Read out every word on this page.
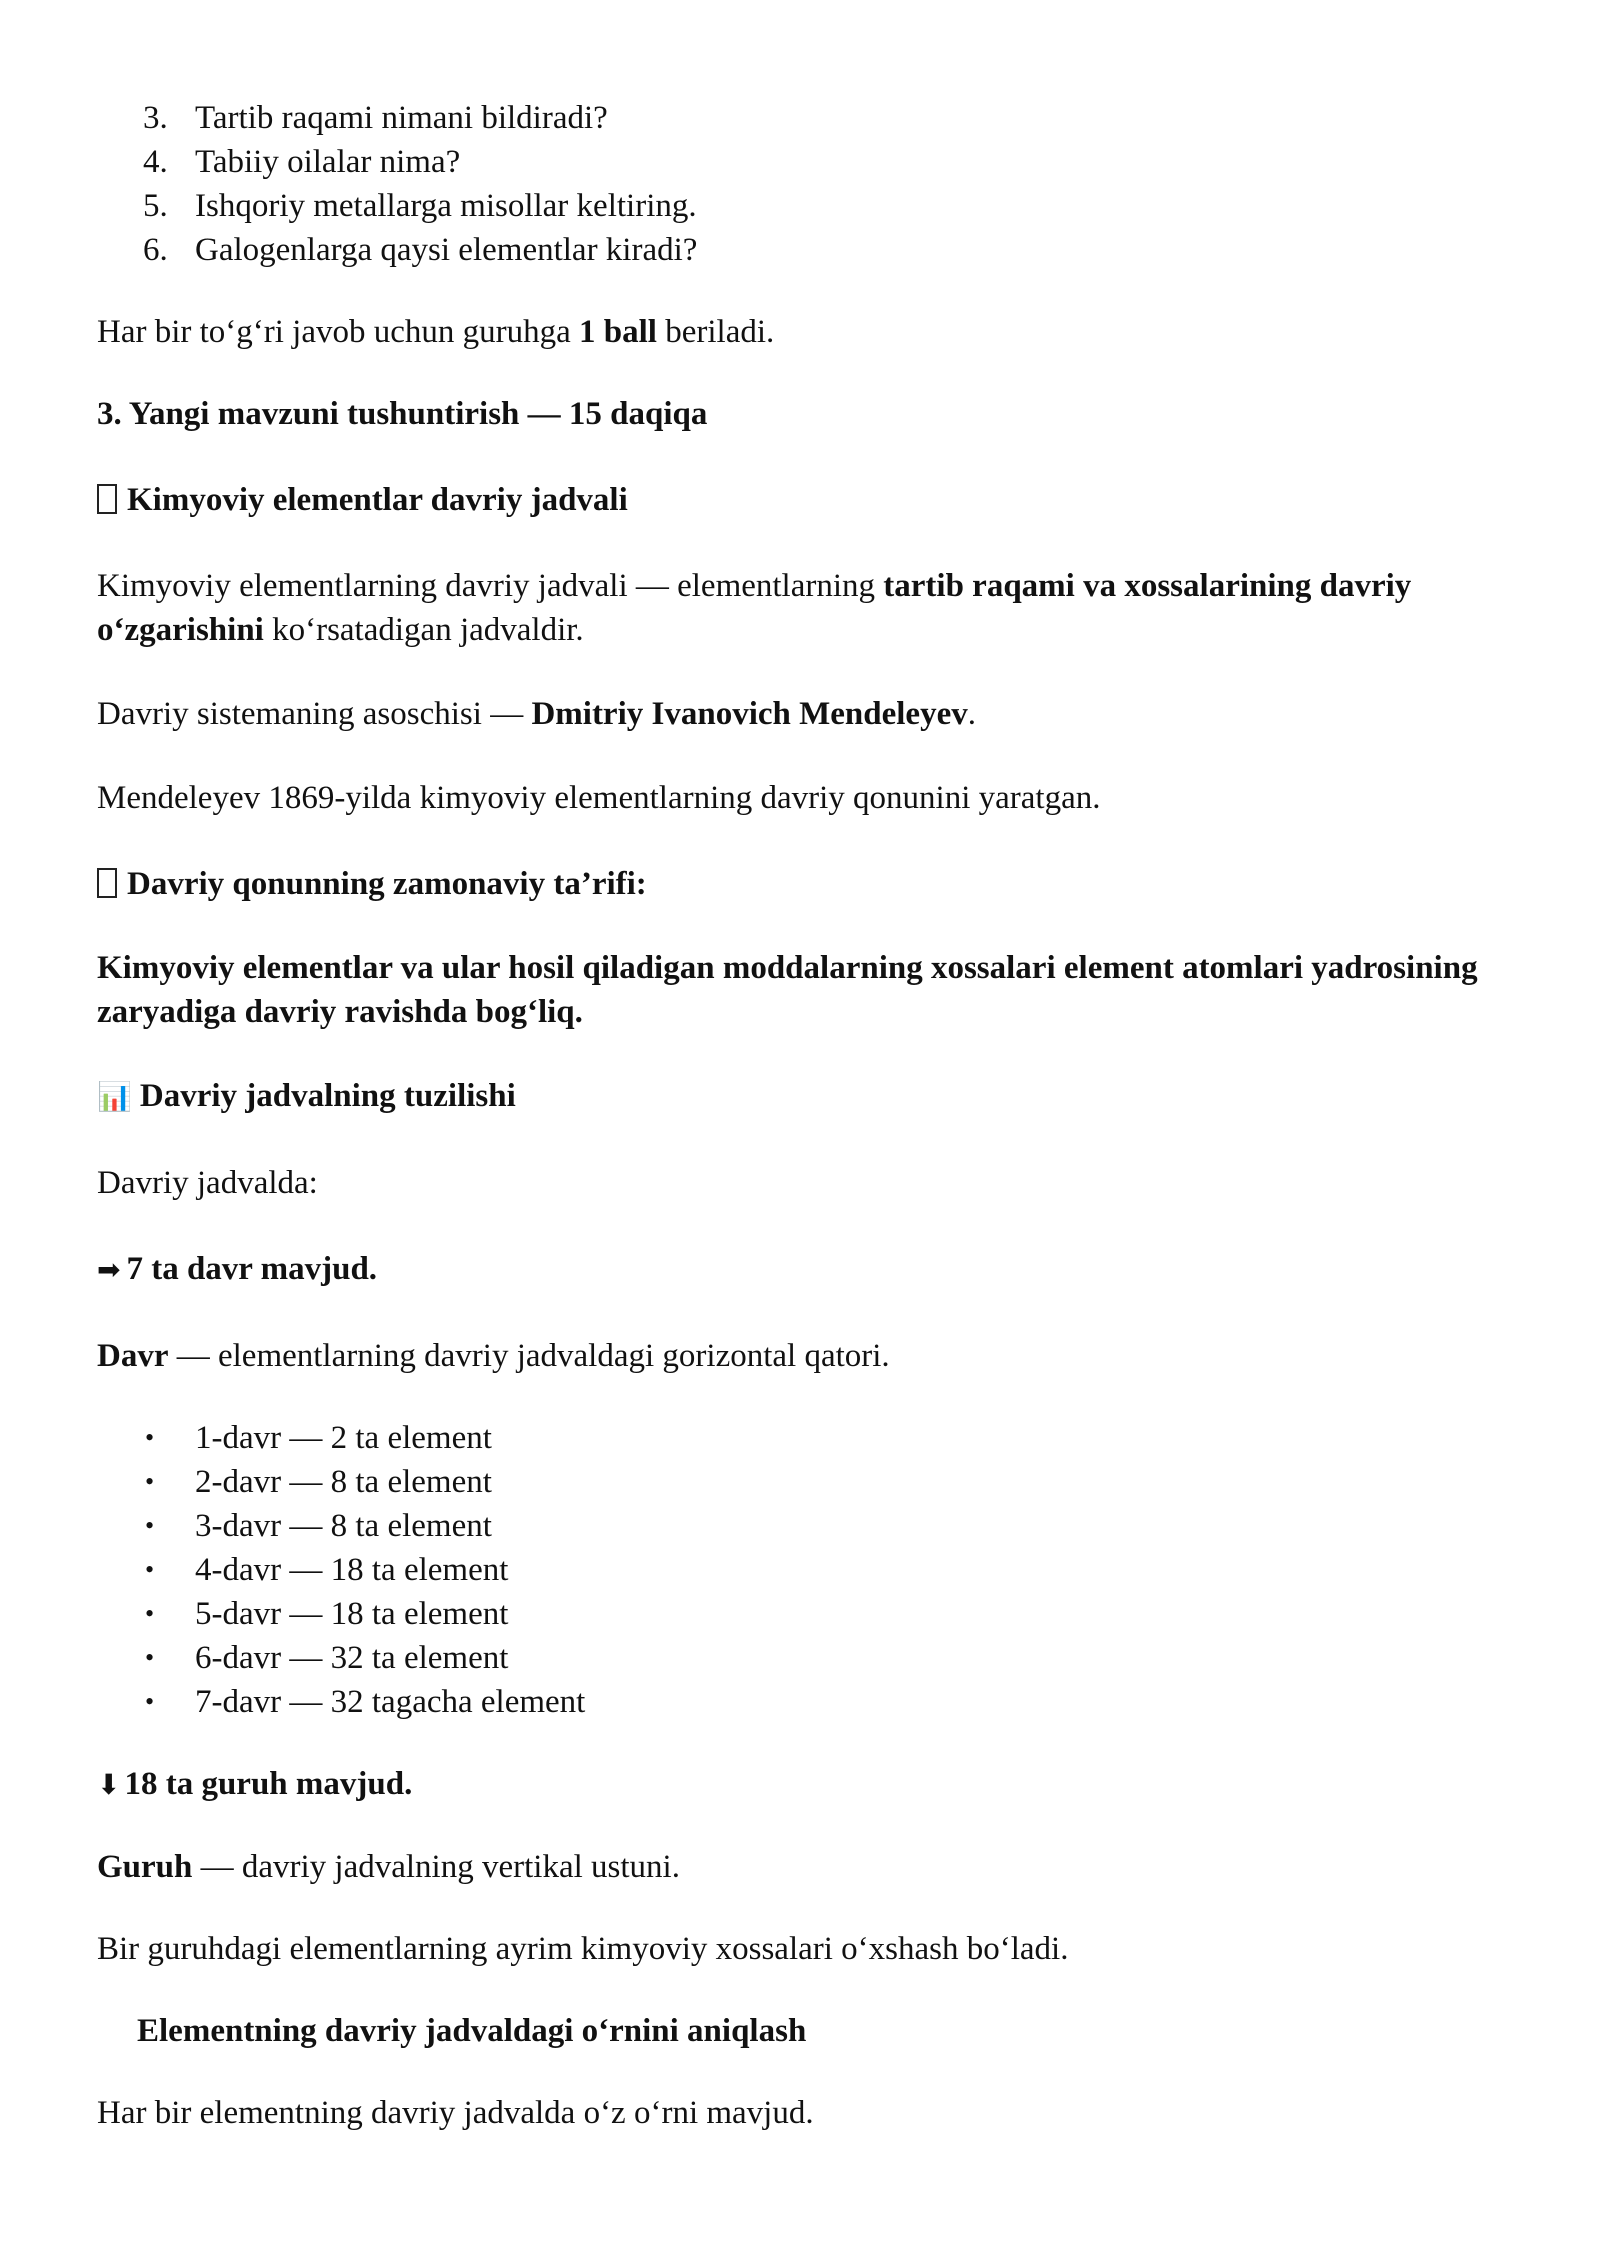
3. Tartib raqami nimani bildiradi?
4. Tabiiy oilalar nima?
5. Ishqoriy metallarga misollar keltiring.
6. Galogenlarga qaysi elementlar kiradi?

Har bir to‘g‘ri javob uchun guruhga 1 ball beriladi.

3. Yangi mavzuni tushuntirish — 15 daqiqa

Kimyoviy elementlar davriy jadvali

Kimyoviy elementlarning davriy jadvali — elementlarning tartib raqami va xossalarining davriy o‘zgarishini ko‘rsatadigan jadvaldir.

Davriy sistemaning asoschisi — Dmitriy Ivanovich Mendeleyev.

Mendeleyev 1869-yilda kimyoviy elementlarning davriy qonunini yaratgan.

Davriy qonunning zamonaviy ta’rifi:

Kimyoviy elementlar va ular hosil qiladigan moddalarning xossalari element atomlari yadrosining zaryadiga davriy ravishda bog‘liq.

📊 Davriy jadvalning tuzilishi

Davriy jadvalda:

➡ 7 ta davr mavjud.

Davr — elementlarning davriy jadvaldagi gorizontal qatori.

• 1-davr — 2 ta element
• 2-davr — 8 ta element
• 3-davr — 8 ta element
• 4-davr — 18 ta element
• 5-davr — 18 ta element
• 6-davr — 32 ta element
• 7-davr — 32 tagacha element

⬇ 18 ta guruh mavjud.

Guruh — davriy jadvalning vertikal ustuni.

Bir guruhdagi elementlarning ayrim kimyoviy xossalari o‘xshash bo‘ladi.

Elementning davriy jadvaldagi o‘rnini aniqlash

Har bir elementning davriy jadvalda o‘z o‘rni mavjud.
